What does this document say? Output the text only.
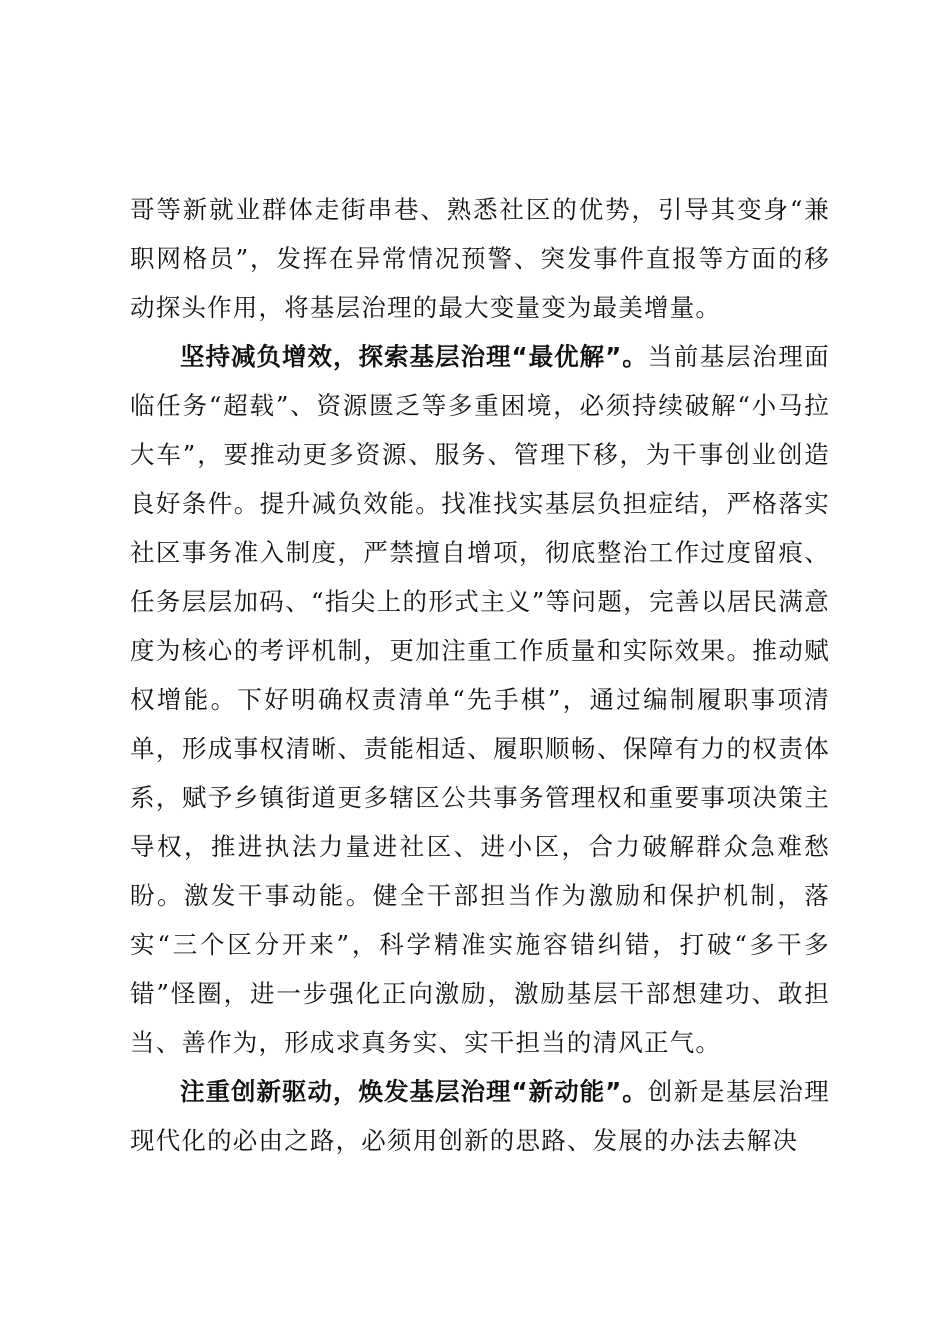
哥等新就业群体走街串巷、熟悉社区的优势，引导其变身“兼职网格员”，发挥在异常情况预警、突发事件直报等方面的移动探头作用，将基层治理的最大变量变为最美增量。

坚持减负增效，探索基层治理“最优解”。当前基层治理面临任务“超载”、资源匮乏等多重困境，必须持续破解“小马拉大车”，要推动更多资源、服务、管理下移，为干事创业创造良好条件。提升减负效能。找准找实基层负担症结，严格落实社区事务准入制度，严禁擅自增项，彻底整治工作过度留痕、任务层层加码、“指尖上的形式主义”等问题，完善以居民满意度为核心的考评机制，更加注重工作质量和实际效果。推动赋权增能。下好明确权责清单“先手棋”，通过编制履职事项清单，形成事权清晰、责能相适、履职顺畅、保障有力的权责体系，赋予乡镇街道更多辖区公共事务管理权和重要事项决策主导权，推进执法力量进社区、进小区，合力破解群众急难愁盼。激发干事动能。健全干部担当作为激励和保护机制，落实“三个区分开来”，科学精准实施容错纠错，打破“多干多错”怪圈，进一步强化正向激励，激励基层干部想建功、敢担当、善作为，形成求真务实、实干担当的清风正气。

注重创新驱动，焕发基层治理“新动能”。创新是基层治理现代化的必由之路，必须用创新的思路、发展的办法去解决
